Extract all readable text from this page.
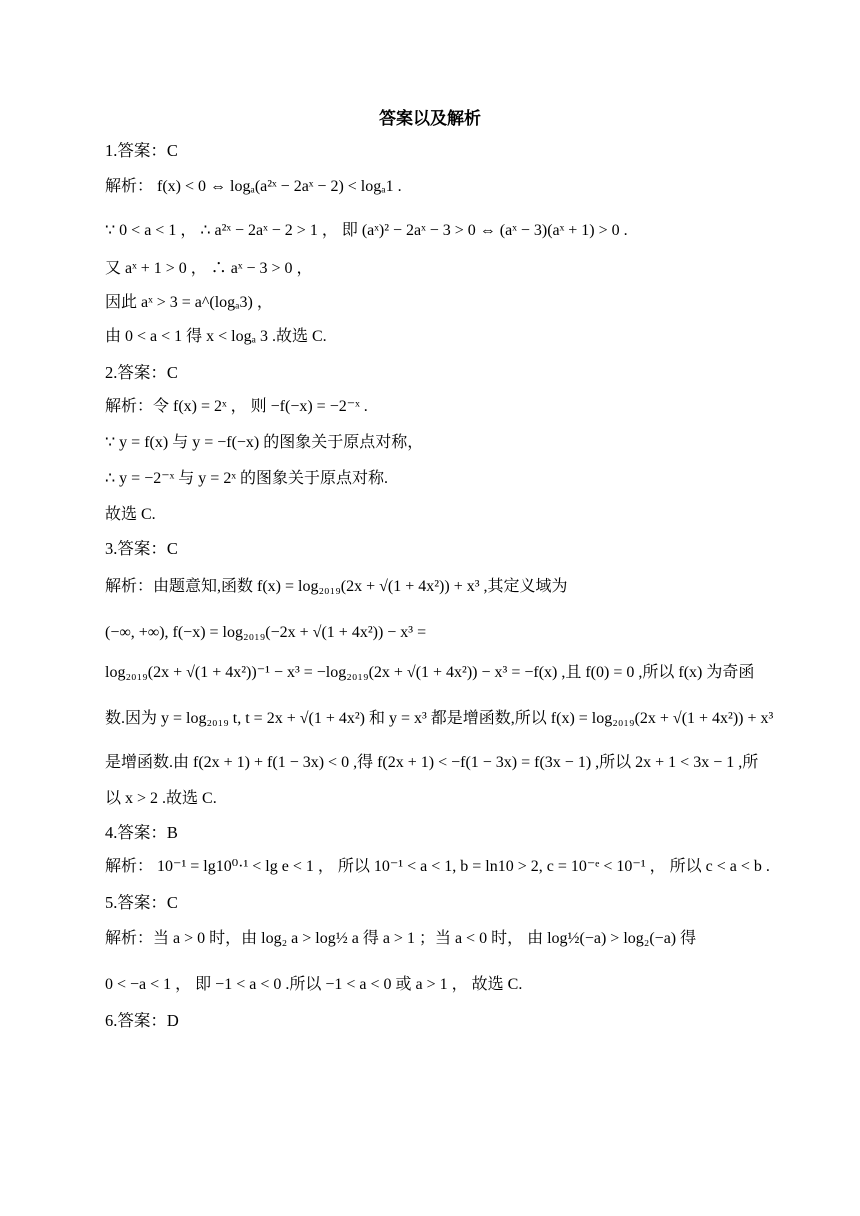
答案以及解析
1.答案：C
解析： f(x) < 0 ⇔ logₐ(a²ˣ − 2aˣ − 2) < logₐ1 .
∵ 0 < a < 1 ， ∴ a²ˣ − 2aˣ − 2 > 1 ， 即 (aˣ)² − 2aˣ − 3 > 0 ⇔ (aˣ − 3)(aˣ + 1) > 0 .
又 aˣ + 1 > 0 ， ∴ aˣ − 3 > 0 ，
因此 aˣ > 3 = a^(logₐ3) ，
由 0 < a < 1 得 x < logₐ 3 .故选 C.
2.答案：C
解析：令 f(x) = 2ˣ ， 则 −f(−x) = −2⁻ˣ .
∵ y = f(x) 与 y = −f(−x) 的图象关于原点对称，
∴ y = −2⁻ˣ 与 y = 2ˣ 的图象关于原点对称.
故选 C.
3.答案：C
解析：由题意知,函数 f(x) = log₂₀₁₉(2x + √(1 + 4x²)) + x³ ,其定义域为
(−∞, +∞), f(−x) = log₂₀₁₉(−2x + √(1 + 4x²)) − x³ =
log₂₀₁₉(2x + √(1 + 4x²))⁻¹ − x³ = −log₂₀₁₉(2x + √(1 + 4x²)) − x³ = −f(x) ,且 f(0) = 0 ,所以 f(x) 为奇函
数.因为 y = log₂₀₁₉ t, t = 2x + √(1 + 4x²) 和 y = x³ 都是增函数,所以 f(x) = log₂₀₁₉(2x + √(1 + 4x²)) + x³
是增函数.由 f(2x + 1) + f(1 − 3x) < 0 ,得 f(2x + 1) < −f(1 − 3x) = f(3x − 1) ,所以 2x + 1 < 3x − 1 ,所
以 x > 2 .故选 C.
4.答案：B
解析： 10⁻¹ = lg10⁰·¹ < lg e < 1 ， 所以 10⁻¹ < a < 1, b = ln10 > 2, c = 10⁻ᵉ < 10⁻¹ ， 所以 c < a < b .
5.答案：C
解析：当 a > 0 时，由 log₂ a > log½ a 得 a > 1 ；当 a < 0 时， 由 log½(−a) > log₂(−a) 得
0 < −a < 1 ， 即 −1 < a < 0 .所以 −1 < a < 0 或 a > 1 ， 故选 C.
6.答案：D
